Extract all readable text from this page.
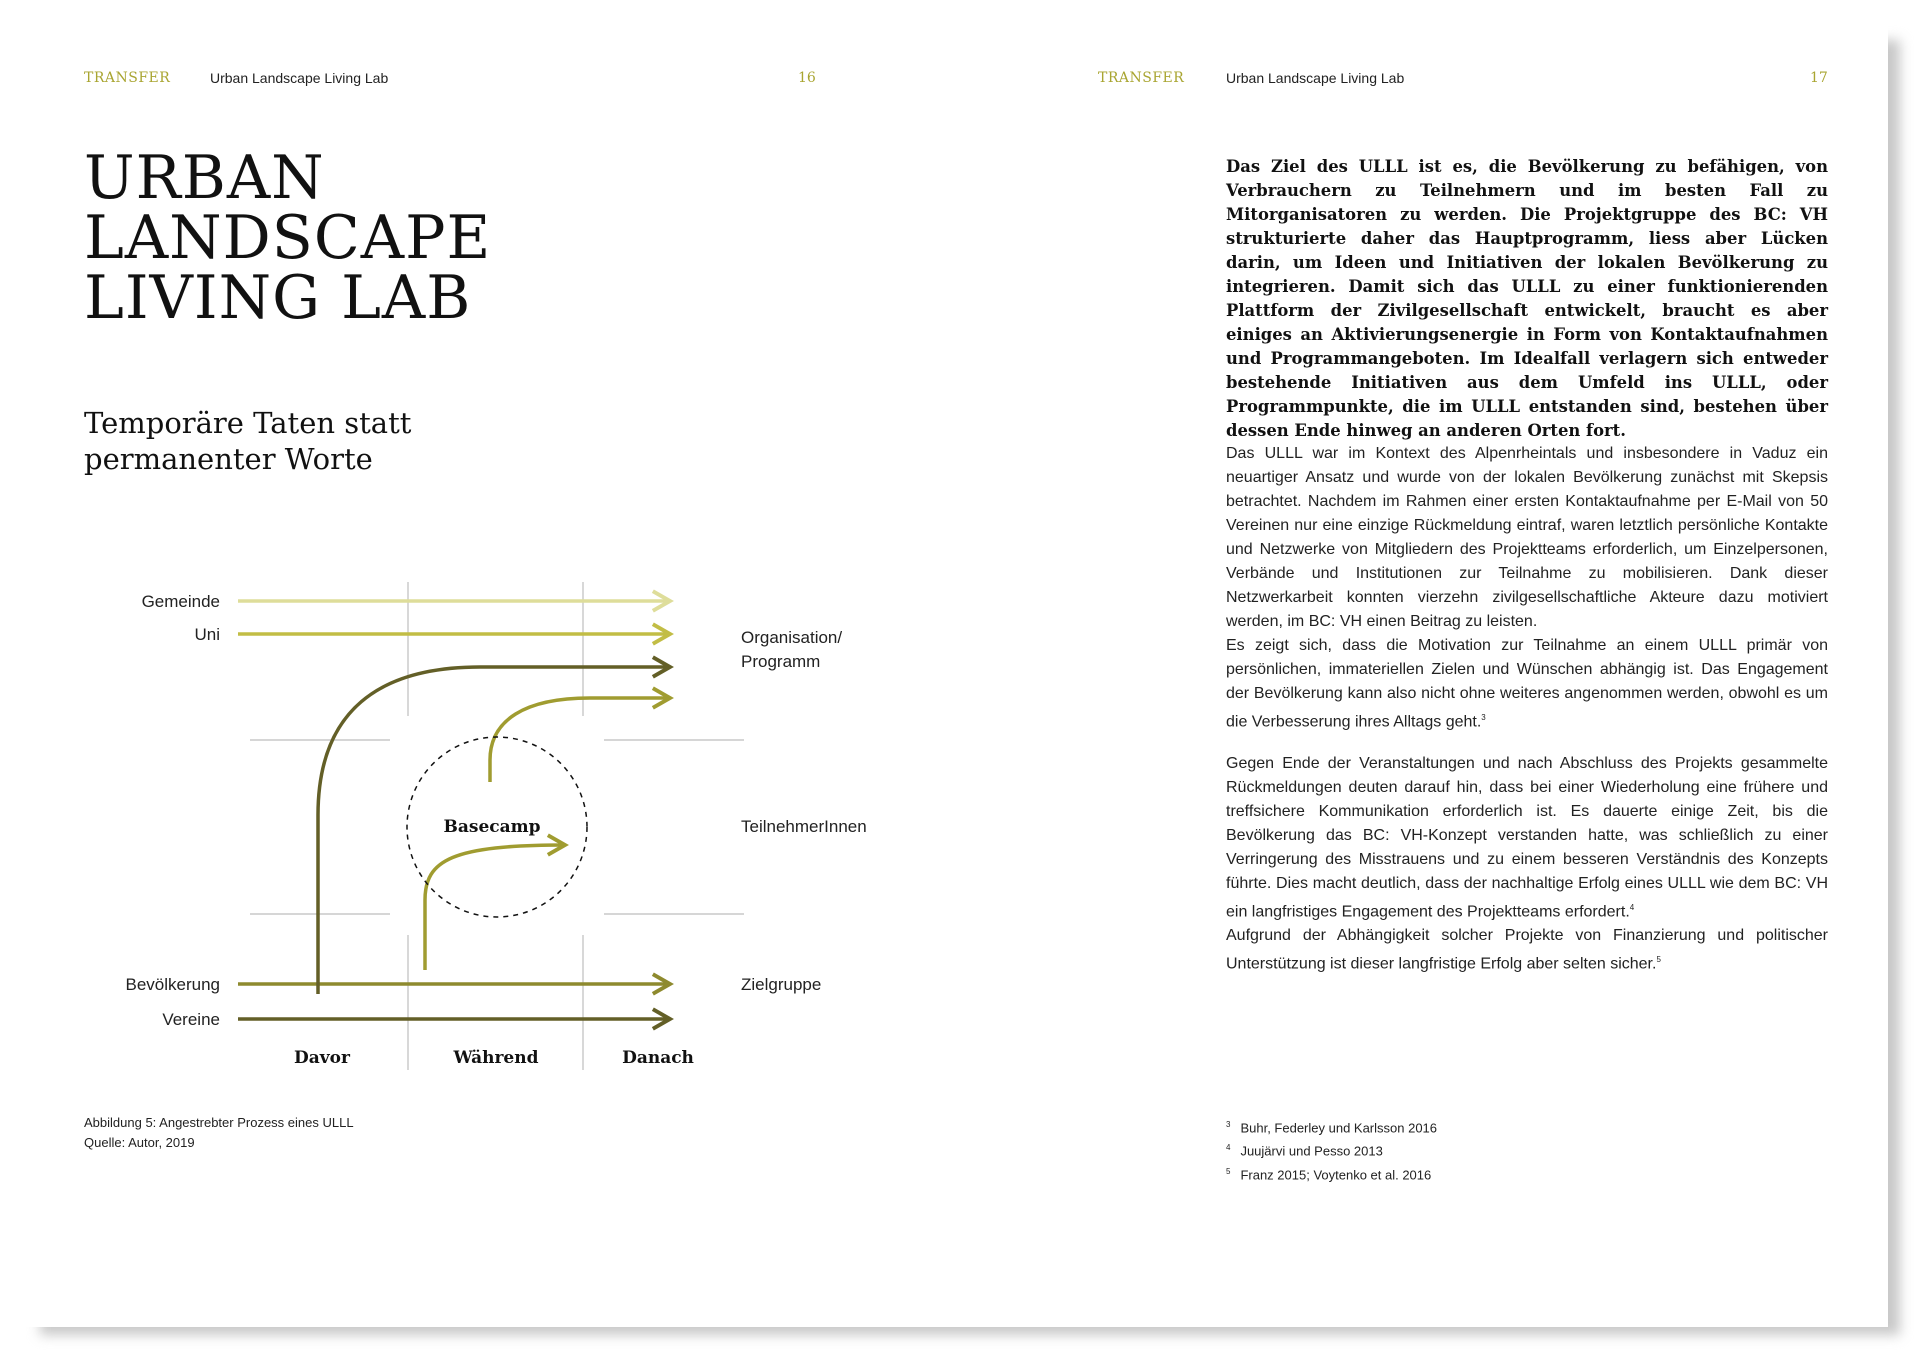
TRANSFER	Urban Landscape Living Lab	16
URBAN
LANDSCAPE
LIVING LAB
Temporäre Taten statt permanenter Worte
Basecamp
Gemeinde
Uni
Bevölkerung
Vereine
Organisation/
Programm
TeilnehmerInnen
Zielgruppe
Davor	Während	Danach
Abbildung 5: Angestrebter Prozess eines ULLL
Quelle: Autor, 2019
TRANSFER	Urban Landscape Living Lab	17
Das Ziel des ULLL ist es, die Bevölkerung zu befähigen, von Verbrauchern zu Teilnehmern und im besten Fall zu Mitorganisatoren zu werden. Die Projektgruppe des BC: VH strukturierte daher das Hauptprogramm, liess aber Lücken darin, um Ideen und Initiativen der lokalen Bevölkerung zu integrieren. Damit sich das ULLL zu einer funktionierenden Plattform der Zivilgesellschaft entwickelt, braucht es aber einiges an Aktivierungsenergie in Form von Kontaktaufnahmen und Programmangeboten. Im Idealfall verlagern sich entweder bestehende Initiativen aus dem Umfeld ins ULLL, oder Programmpunkte, die im ULLL entstanden sind, bestehen über dessen Ende hinweg an anderen Orten fort.
Das ULLL war im Kontext des Alpenrheintals und insbesondere in Vaduz ein neuartiger Ansatz und wurde von der lokalen Bevölkerung zunächst mit Skepsis betrachtet. Nachdem im Rahmen einer ersten Kontaktaufnahme per E-Mail von 50 Vereinen nur eine einzige Rückmeldung eintraf, waren letztlich persönliche Kontakte und Netzwerke von Mitgliedern des Projektteams erforderlich, um Einzelpersonen, Verbände und Institutionen zur Teilnahme zu mobilisieren. Dank dieser Netzwerkarbeit konnten vierzehn zivilgesellschaftliche Akteure dazu motiviert werden, im BC: VH einen Beitrag zu leisten.
Es zeigt sich, dass die Motivation zur Teilnahme an einem ULLL primär von persönlichen, immateriellen Zielen und Wünschen abhängig ist. Das Engagement der Bevölkerung kann also nicht ohne weiteres angenommen werden, obwohl es um die Verbesserung ihres Alltags geht.$^3$
Gegen Ende der Veranstaltungen und nach Abschluss des Projekts gesammelte Rückmeldungen deuten darauf hin, dass bei einer Wiederholung eine frühere und treffsichere Kommunikation erforderlich ist. Es dauerte einige Zeit, bis die Bevölkerung das BC: VH-Konzept verstanden hatte, was schließlich zu einer Verringerung des Misstrauens und zu einem besseren Verständnis des Konzepts führte. Dies macht deutlich, dass der nachhaltige Erfolg eines ULLL wie dem BC: VH ein langfristiges Engagement des Projektteams erfordert.$^4$
Aufgrund der Abhängigkeit solcher Projekte von Finanzierung und politischer Unterstützung ist dieser langfristige Erfolg aber selten sicher.$^5$
$^3$ Buhr, Federley und Karlsson 2016
$^4$ Juujärvi und Pesso 2013
$^5$ Franz 2015; Voytenko et al. 2016
